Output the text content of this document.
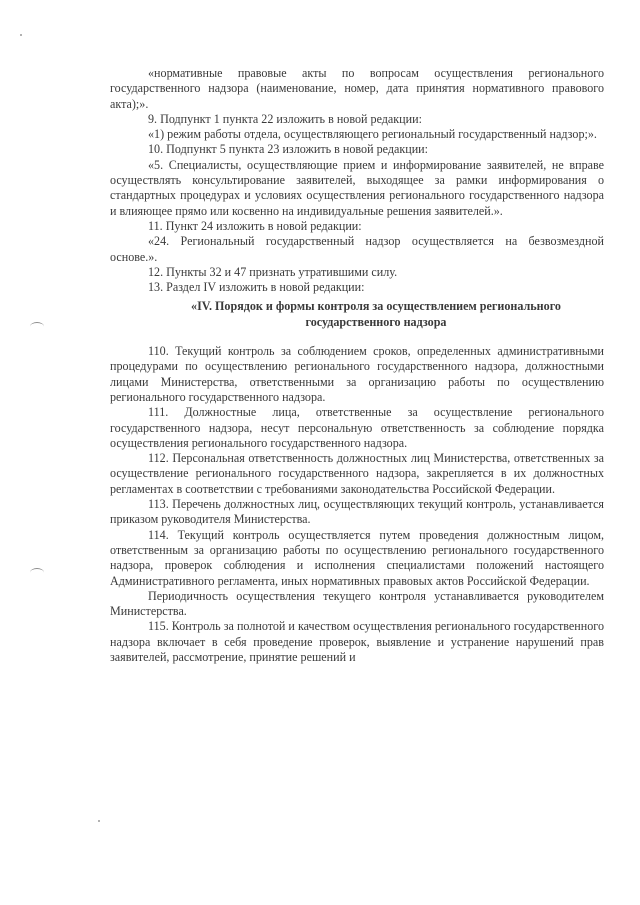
«нормативные правовые акты по вопросам осуществления регионального государственного надзора (наименование, номер, дата принятия нормативного правового акта);».

9. Подпункт 1 пункта 22 изложить в новой редакции:

«1) режим работы отдела, осуществляющего региональный государственный надзор;».

10. Подпункт 5 пункта 23 изложить в новой редакции:

«5. Специалисты, осуществляющие прием и информирование заявителей, не вправе осуществлять консультирование заявителей, выходящее за рамки информирования о стандартных процедурах и условиях осуществления регионального государственного надзора и влияющее прямо или косвенно на индивидуальные решения заявителей.».

11. Пункт 24 изложить в новой редакции:

«24. Региональный государственный надзор осуществляется на безвозмездной основе.».

12. Пункты 32 и 47 признать утратившими силу.

13. Раздел IV изложить в новой редакции:

«IV. Порядок и формы контроля за осуществлением регионального государственного надзора

110. Текущий контроль за соблюдением сроков, определенных административными процедурами по осуществлению регионального государственного надзора, должностными лицами Министерства, ответственными за организацию работы по осуществлению регионального государственного надзора.

111. Должностные лица, ответственные за осуществление регионального государственного надзора, несут персональную ответственность за соблюдение порядка осуществления регионального государственного надзора.

112. Персональная ответственность должностных лиц Министерства, ответственных за осуществление регионального государственного надзора, закрепляется в их должностных регламентах в соответствии с требованиями законодательства Российской Федерации.

113. Перечень должностных лиц, осуществляющих текущий контроль, устанавливается приказом руководителя Министерства.

114. Текущий контроль осуществляется путем проведения должностным лицом, ответственным за организацию работы по осуществлению регионального государственного надзора, проверок соблюдения и исполнения специалистами положений настоящего Административного регламента, иных нормативных правовых актов Российской Федерации.

Периодичность осуществления текущего контроля устанавливается руководителем Министерства.

115. Контроль за полнотой и качеством осуществления регионального государственного надзора включает в себя проведение проверок, выявление и устранение нарушений прав заявителей, рассмотрение, принятие решений и
